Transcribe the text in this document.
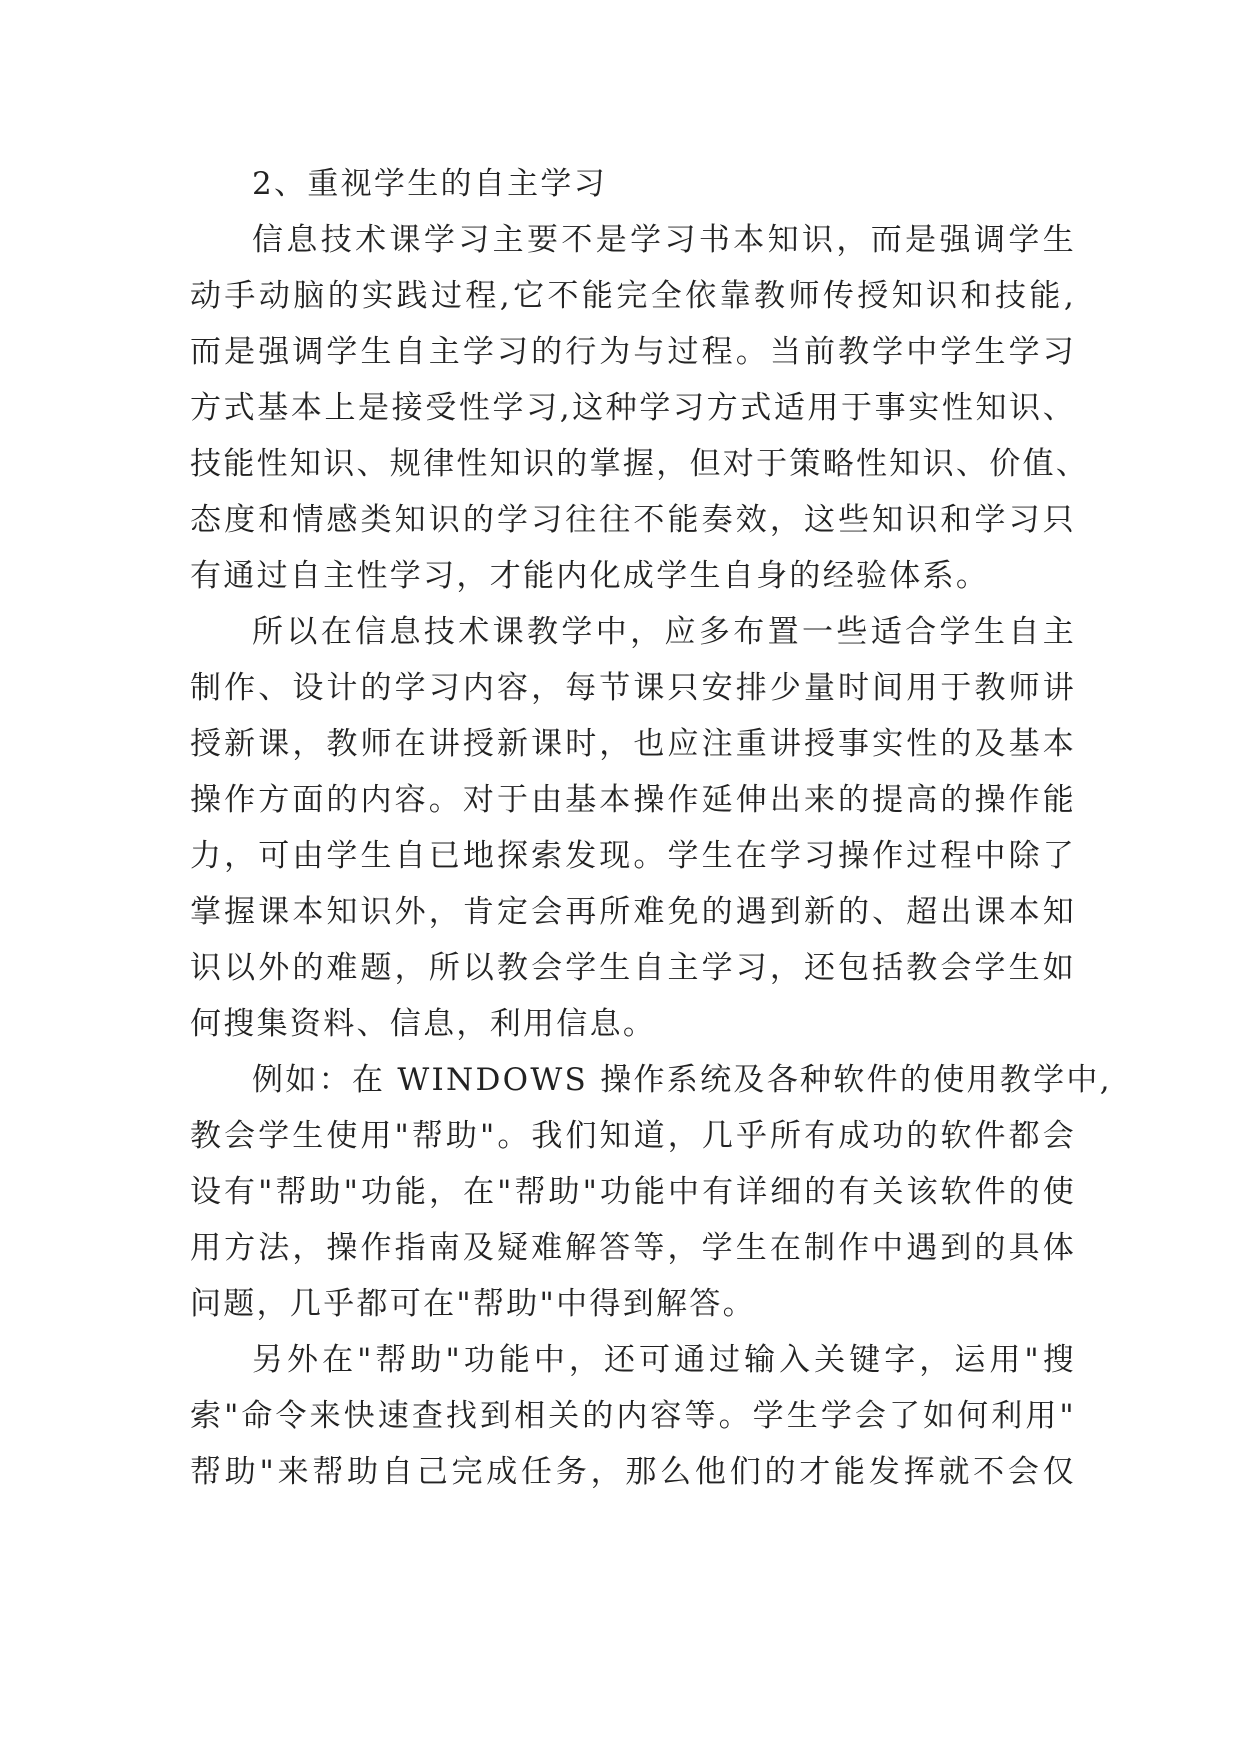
2、重视学生的自主学习
信息技术课学习主要不是学习书本知识，而是强调学生
动手动脑的实践过程,它不能完全依靠教师传授知识和技能,
而是强调学生自主学习的行为与过程。当前教学中学生学习
方式基本上是接受性学习,这种学习方式适用于事实性知识、
技能性知识、规律性知识的掌握，但对于策略性知识、价值、
态度和情感类知识的学习往往不能奏效，这些知识和学习只
有通过自主性学习，才能内化成学生自身的经验体系。
所以在信息技术课教学中，应多布置一些适合学生自主
制作、设计的学习内容，每节课只安排少量时间用于教师讲
授新课，教师在讲授新课时，也应注重讲授事实性的及基本
操作方面的内容。对于由基本操作延伸出来的提高的操作能
力，可由学生自已地探索发现。学生在学习操作过程中除了
掌握课本知识外，肯定会再所难免的遇到新的、超出课本知
识以外的难题，所以教会学生自主学习，还包括教会学生如
何搜集资料、信息，利用信息。
例如：在 WINDOWS 操作系统及各种软件的使用教学中,
教会学生使用"帮助"。我们知道，几乎所有成功的软件都会
设有"帮助"功能，在"帮助"功能中有详细的有关该软件的使
用方法，操作指南及疑难解答等，学生在制作中遇到的具体
问题，几乎都可在"帮助"中得到解答。
另外在"帮助"功能中，还可通过输入关键字，运用"搜
索"命令来快速查找到相关的内容等。学生学会了如何利用"
帮助"来帮助自己完成任务，那么他们的才能发挥就不会仅
